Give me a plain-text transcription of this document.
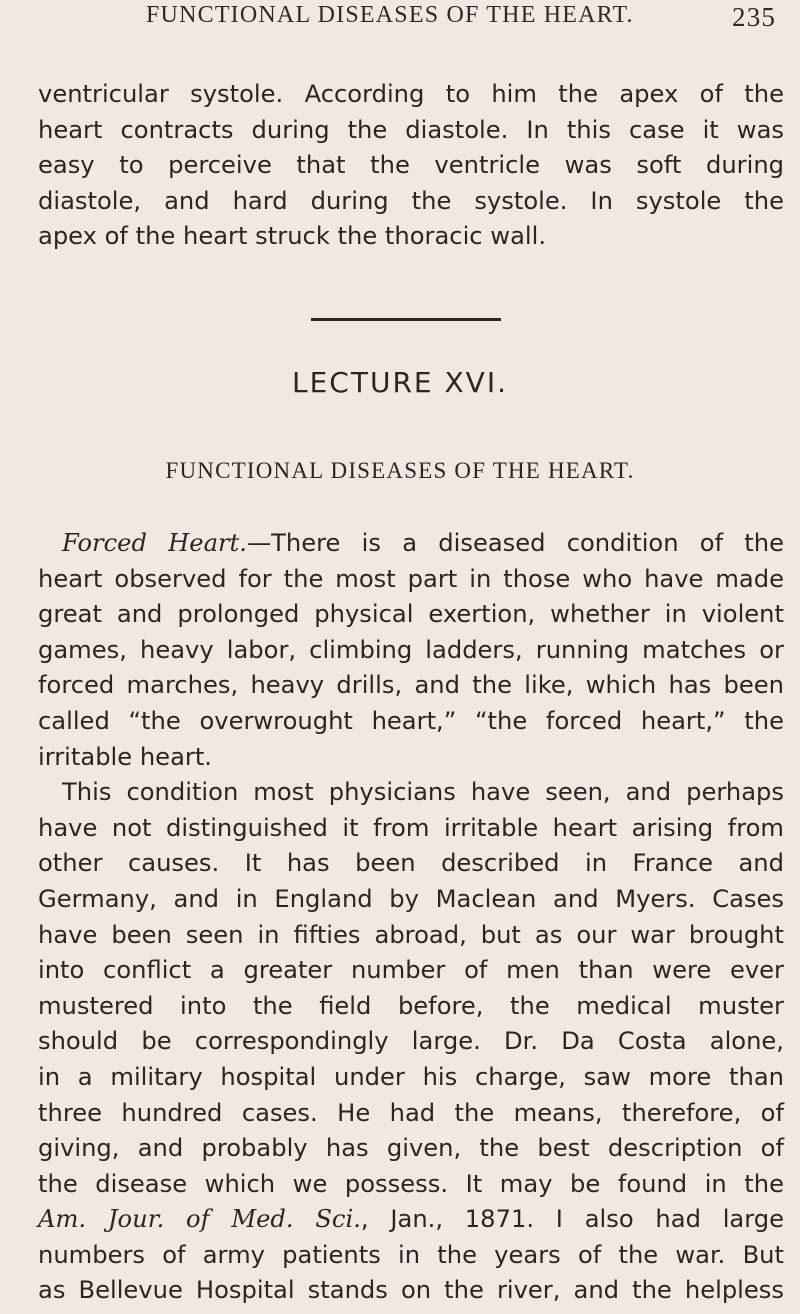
FUNCTIONAL DISEASES OF THE HEART.	235
ventricular systole. According to him the apex of the
heart contracts during the diastole. In this case it was
easy to perceive that the ventricle was soft during
diastole, and hard during the systole. In systole the
apex of the heart struck the thoracic wall.
LECTURE XVI.
FUNCTIONAL DISEASES OF THE HEART.
Forced Heart.—There is a diseased condition of the
heart observed for the most part in those who have made
great and prolonged physical exertion, whether in violent
games, heavy labor, climbing ladders, running matches or
forced marches, heavy drills, and the like, which has been
called “the overwrought heart,” “the forced heart,” the
irritable heart.
This condition most physicians have seen, and perhaps
have not distinguished it from irritable heart arising from
other causes. It has been described in France and
Germany, and in England by Maclean and Myers. Cases
have been seen in fifties abroad, but as our war brought
into conflict a greater number of men than were ever
mustered into the field before, the medical muster
should be correspondingly large. Dr. Da Costa alone,
in a military hospital under his charge, saw more than
three hundred cases. He had the means, therefore, of
giving, and probably has given, the best description of
the disease which we possess. It may be found in the
Am. Jour. of Med. Sci., Jan., 1871. I also had large
numbers of army patients in the years of the war. But
as Bellevue Hospital stands on the river, and the helpless
